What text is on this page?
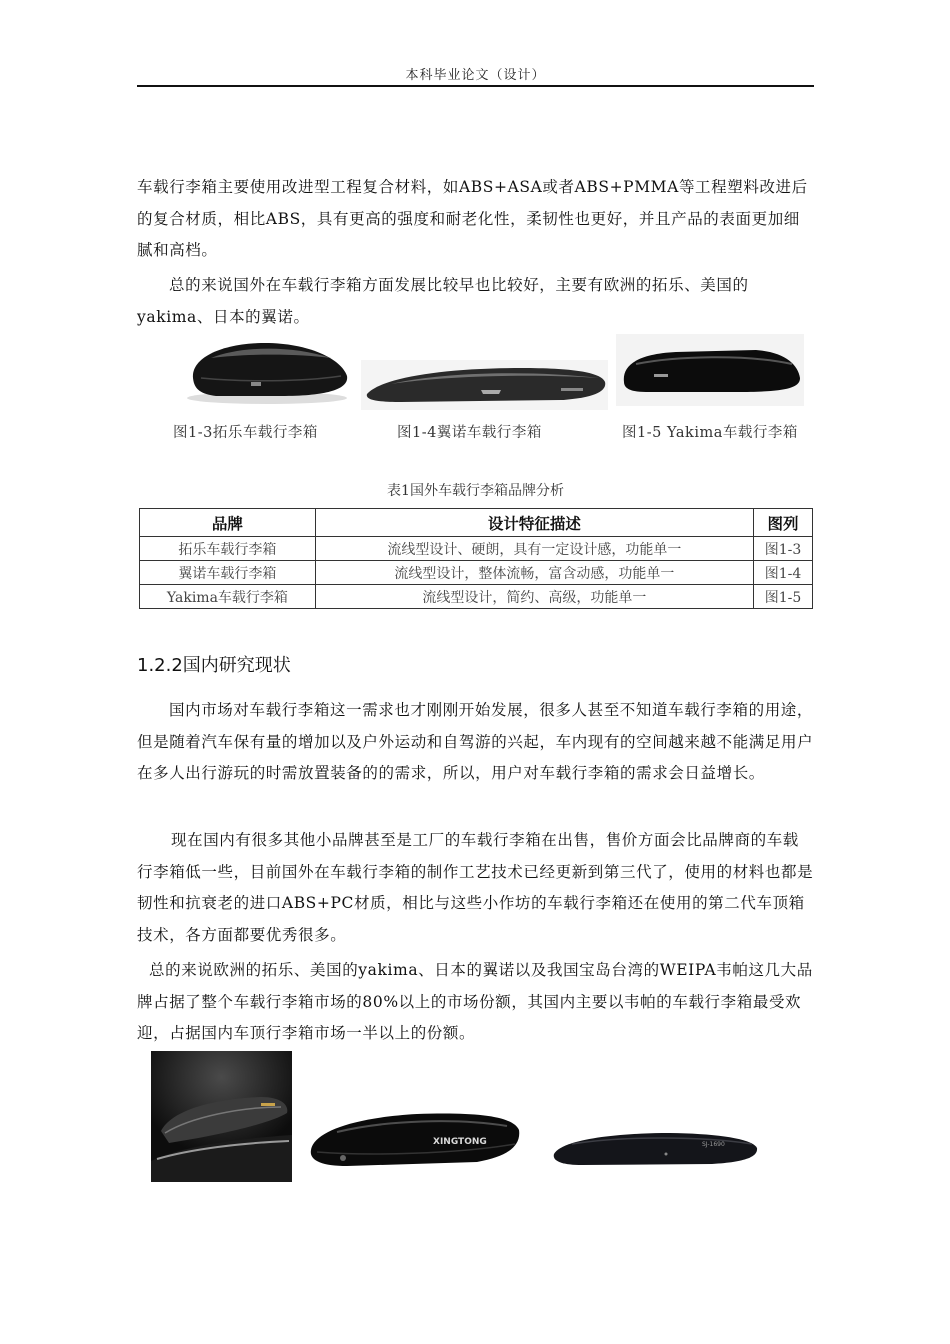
本科毕业论文（设计）

车载行李箱主要使用改进型工程复合材料，如ABS+ASA或者ABS+PMMA等工程塑料改进后的复合材质，相比ABS，具有更高的强度和耐老化性，柔韧性也更好，并且产品的表面更加细腻和高档。

总的来说国外在车载行李箱方面发展比较早也比较好，主要有欧洲的拓乐、美国的yakima、日本的翼诺。

图1-3拓乐车载行李箱	图1-4翼诺车载行李箱	图1-5 Yakima车载行李箱
表1国外车载行李箱品牌分析
品牌	设计特征描述	图列
拓乐车载行李箱	流线型设计、硬朗，具有一定设计感，功能单一	图1-3
翼诺车载行李箱	流线型设计，整体流畅，富含动感，功能单一	图1-4
Yakima车载行李箱	流线型设计，简约、高级，功能单一	图1-5
1.2.2国内研究现状

国内市场对车载行李箱这一需求也才刚刚开始发展，很多人甚至不知道车载行李箱的用途，但是随着汽车保有量的增加以及户外运动和自驾游的兴起，车内现有的空间越来越不能满足用户在多人出行游玩的时需放置装备的的需求，所以，用户对车载行李箱的需求会日益增长。

现在国内有很多其他小品牌甚至是工厂的车载行李箱在出售，售价方面会比品牌商的车载行李箱低一些，目前国外在车载行李箱的制作工艺技术已经更新到第三代了，使用的材料也都是韧性和抗衰老的进口ABS+PC材质，相比与这些小作坊的车载行李箱还在使用的第二代车顶箱技术，各方面都要优秀很多。

总的来说欧洲的拓乐、美国的yakima、日本的翼诺以及我国宝岛台湾的WEIPA韦帕这几大品牌占据了整个车载行李箱市场的80%以上的市场份额，其国内主要以韦帕的车载行李箱最受欢迎，占据国内车顶行李箱市场一半以上的份额。

XINGTONG	SJ-1690
